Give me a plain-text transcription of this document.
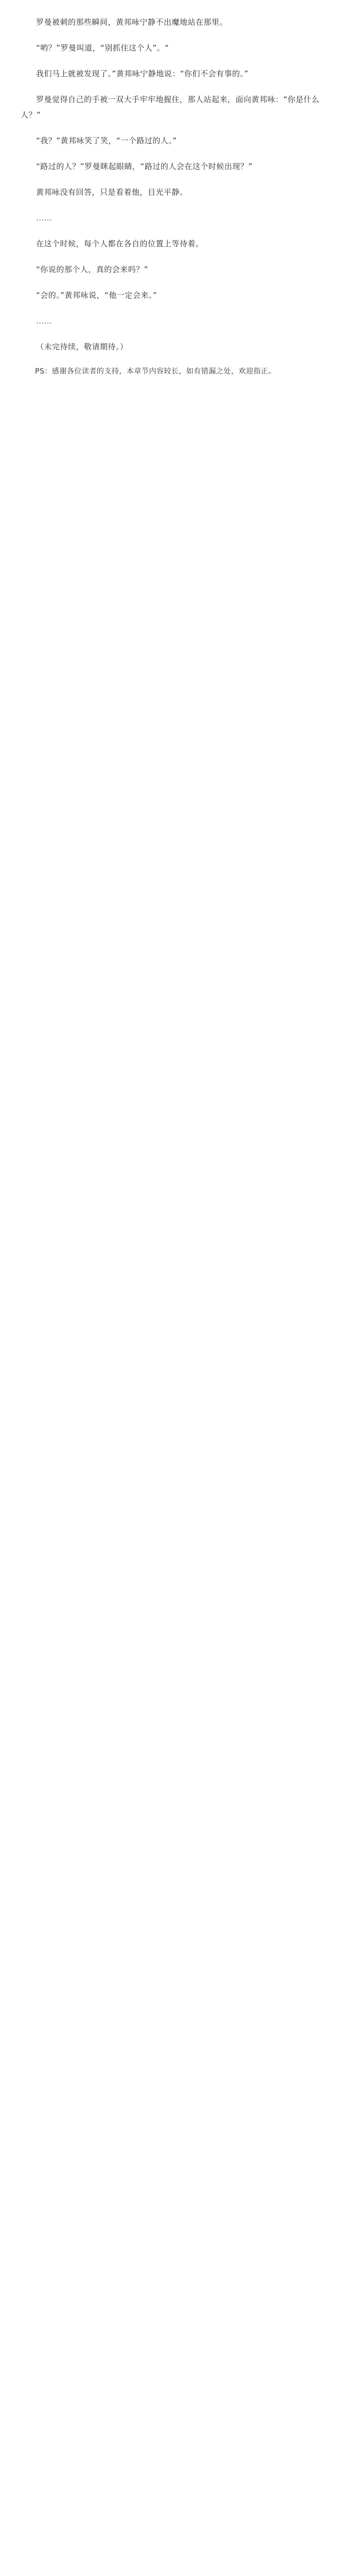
罗曼被刺的那些瞬间，黄邦咏宁静不出魔地站在那里。

“哟？”罗曼叫道，“别抓住这个人”。“

我们马上就被发现了。”黄邦咏宁静地说：“你们不会有事的。”

罗曼觉得自己的手被一双大手牢牢地握住，那人站起来，面向黄邦咏：“你是什么人？”

“我？”黄邦咏笑了笑，“一个路过的人。”

“路过的人？”罗曼眯起眼睛，“路过的人会在这个时候出现？”

黄邦咏没有回答，只是看着他，目光平静。

……

在这个时候，每个人都在各自的位置上等待着。

“你说的那个人，真的会来吗？”

“会的。”黄邦咏说，“他一定会来。”

……

（未完待续，敬请期待。）

PS：感谢各位读者的支持，本章节内容较长，如有错漏之处，欢迎指正。
